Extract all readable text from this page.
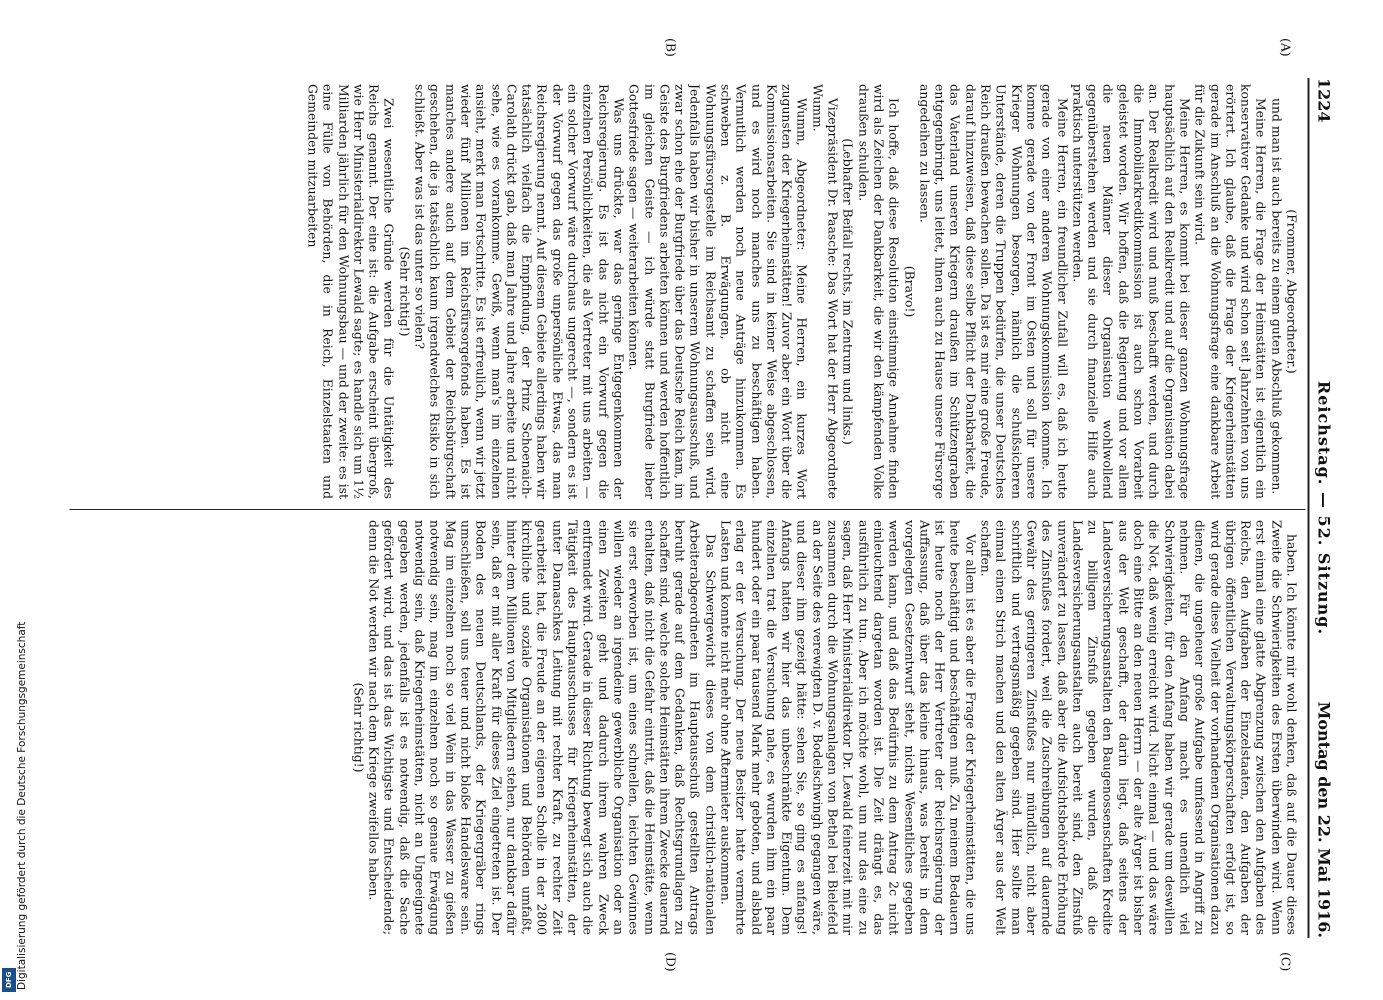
1224
Reichstag. — 52. Sitzung.
Montag den 22. Mai 1916.
(A)
(B)
(C)
(D)

(Frommer, Abgeordneter.)

und man ist auch bereits zu einem guten Abschluß gekommen.

Meine Herren, die Frage der Heimstätten ist eigentlich ein konservativer Gedanke und wird schon seit Jahrzehnten von uns erörtert. Ich glaube, daß die Frage der Kriegerheimstätten gerade im Anschluß an die Wohnungsfrage eine dankbare Arbeit für die Zukunft sein wird.

Meine Herren, es kommt bei dieser ganzen Wohnungsfrage hauptsächlich auf den Realkredit und auf die Organisation dabei an. Der Realkredit wird und muß beschafft werden, und durch die Immobiliarkreditkommission ist auch schon Vorarbeit geleistet worden. Wir hoffen, daß die Regierung und vor allem die neuen Männer dieser Organisation wohlwollend gegenüberstehen werden und sie durch finanzielle Hilfe auch praktisch unterstützen werden.

Meine Herren, ein freundlicher Zufall will es, daß ich heute gerade von einer anderen Wohnungskommission komme. Ich komme gerade von der Front im Osten und soll für unsere Krieger Wohnungen besorgen, nämlich die schußsicheren Unterstände, deren die Truppen bedürfen, die unser Deutsches Reich draußen bewachen sollen. Da ist es mir eine große Freude, darauf hinzuweisen, daß diese selbe Pflicht der Dankbarkeit, die das Vaterland unseren Kriegern draußen im Schützengraben entgegenbringt, uns leitet, ihnen auch zu Hause unsere Fürsorge angedeihen zu lassen.

(Bravo!)

Ich hoffe, daß diese Resolution einstimmige Annahme finden wird als Zeichen der Dankbarkeit, die wir den kämpfenden Volke draußen schulden.

(Lebhafter Beifall rechts, im Zentrum und links.)

Vizepräsident Dr. Paasche: Das Wort hat der Herr Abgeordnete Wumm.

Wumm, Abgeordneter: Meine Herren, ein kurzes Wort zugunsten der Kriegerheimstätten! Zuvor aber ein Wort über die Kommissionsarbeiten. Sie sind in keiner Weise abgeschlossen, und es wird noch manches uns zu beschäftigen haben. Vermutlich werden noch neue Anträge hinzukommen. Es schweben z. B. Erwägungen, ob nicht eine Wohnungsfürsorgestelle im Reichsamt zu schaffen sein wird. Jedenfalls haben wir bisher in unserem Wohnungsausschuß, und zwar schon ehe der Burgfriede über das Deutsche Reich kam, im Geiste des Burgfriedens arbeiten können und werden hoffentlich im gleichen Geiste — ich würde statt Burgfriede lieber Gottesfriede sagen — weiterarbeiten können.

Was uns drückte, war das geringe Entgegenkommen der Reichsregierung. Es ist das nicht ein Vorwurf gegen die einzelnen Persönlichkeiten, die als Vertreter mit uns arbeiten — ein solcher Vorwurf wäre durchaus ungerecht —, sondern es ist der Vorwurf gegen das große unpersönliche Etwas, das man Reichsregierung nennt. Auf diesem Gebiete allerdings haben wir tatsächlich vielfach die Empfindung, der Prinz Schoenaich-Carolath drückt gab, daß man Jahre und Jahre arbeite und nicht sehe, wie es vorankomme. Gewiß, wenn man's im einzelnen ansieht, merkt man Fortschritte. Es ist erfreulich, wenn wir jetzt wieder fünf Millionen im Reichsfürsorgefonds haben. Es ist manches andere auch auf dem Gebiet der Reichsbürgschaft geschehen, die ja tatsächlich kaum irgendwelches Risiko in sich schließt. Aber was ist das unter so vielen?

(Sehr richtig!)

Zwei wesentliche Gründe werden für die Untätigkeit des Reichs genannt. Der eine ist: die Aufgabe erscheint übergroß, wie Herr Ministerialdirektor Lewald sagte; es handle sich um 1½ Milliarden jährlich für den Wohnungsbau — und der zweite: es ist eine Fülle von Behörden, die in Reich, Einzelstaaten und Gemeinden mitzuarbeiten

haben. Ich könnte mir wohl denken, daß auf die Dauer dieses Zweite die Schwierigkeiten des Ersten überwinden wird. Wenn erst einmal eine glatte Abgrenzung zwischen den Aufgaben des Reichs, den Aufgaben der Einzelstaaten, den Aufgaben der übrigen öffentlichen Verwaltungskörperschaften erfolgt ist, so wird gerade diese Vielheit der vorhandenen Organisationen dazu dienen, die ungeheuer große Aufgabe umfassend in Angriff zu nehmen. Für den Anfang macht es unendlich viel Schwierigkeiten, für den Anfang haben wir gerade um deswillen die Not, daß wenig erreicht wird. Nicht einmal — und das wäre doch eine Bitte an den neuen Herrn — der alte Ärger ist bisher aus der Welt geschafft, der darin liegt, daß seitens der Landesversicherungsanstalten den Baugenossenschaften Kredite zu billigem Zinsfuß gegeben wurden, daß die Landesversicherungsanstalten auch bereit sind, den Zinsfuß unverändert zu lassen, daß aber die Aufsichtsbehörde Erhöhung des Zinsfußes fordert, weil die Zuschreibungen auf dauernde Gewähr des geringeren Zinsfußes nur mündlich, nicht aber schriftlich und vertragsmäßig gegeben sind. Hier sollte man einmal einen Strich machen und den alten Ärger aus der Welt schaffen.

Vor allem ist es aber die Frage der Kriegerheimstätten, die uns heute beschäftigt und beschäftigen muß. Zu meinem Bedauern ist heute noch der Herr Vertreter der Reichsregierung der Auffassung, daß über das kleine hinaus, was bereits in dem vorgelegten Gesetzentwurf steht, nichts Wesentliches gegeben werden kann, und daß das Bedürfnis zu dem Antrag 2c nicht einleuchtend dargetan worden ist. Die Zeit drängt es, das ausführlich zu tun. Aber ich möchte wohl, um nur das eine zu sagen, daß Herr Ministerialdirektor Dr. Lewald feinerzeit mit mir zusammen durch die Wohnungsanlagen von Bethel bei Bielefeld an der Seite des verewigten D. v. Bodelschwingh gegangen wäre, und dieser ihm gezeigt hätte: sehen Sie, so ging es anfangs! Anfangs hatten wir hier das unbeschränkte Eigentum. Dem einzelnen trat die Versuchung nahe, es wurden ihm ein paar hundert oder ein paar tausend Mark mehr geboten, und alsbald erlag er der Versuchung. Der neue Besitzer hatte vermehrte Lasten und konnte nicht mehr ohne Aftermieter auskommen.

Das Schwergewicht dieses von dem christlich-nationalen Arbeiterabgeordneten im Hauptausschuß gestellten Antrags beruht gerade auf dem Gedanken, daß Rechtsgrundlagen zu schaffen sind, welche solche Heimstätten ihrem Zwecke dauernd erhalten, daß nicht die Gefahr eintritt, daß die Heimstätte, wenn sie erst erworben ist, um eines schnellen, leichten Gewinnes willen wieder an irgendeine gewerbliche Organisation oder an einen Zweiten geht und dadurch ihrem wahren Zweck entfremdet wird. Gerade in dieser Richtung bewegt sich auch die Tätigkeit des Hauptausschusses für Kriegerheimstätten, der unter Damaschkes Leitung mit rechter Kraft, zu rechter Zeit gearbeitet hat, die Freude an der eigenen Scholle in der 2800 kirchliche und soziale Organisationen und Behörden umfaßt, hinter dem Millionen von Mitgliedern stehen, nur dankbar dafür sein, daß er mit aller Kraft für dieses Ziel eingetreten ist. Der Boden des neuen Deutschlands, der Kriegergräber rings umschließen, soll uns teuer und nicht bloße Handelsware sein. Mag im einzelnen noch so viel Wein in das Wasser zu gießen notwendig sein, mag im einzelnen noch so genaue Erwägung notwendig sein, daß Kriegerheimstätten, nicht an Ungeeignete gegeben werden, jedenfalls ist es notwendig, daß die Sache gefördert wird, und das ist das Wichtigste und Entscheidende; denn die Not werden wir nach dem Kriege zweifellos haben.

(Sehr richtig!)

Digitalisierung gefördert durch die Deutsche Forschungsgemeinschaft
DFG
